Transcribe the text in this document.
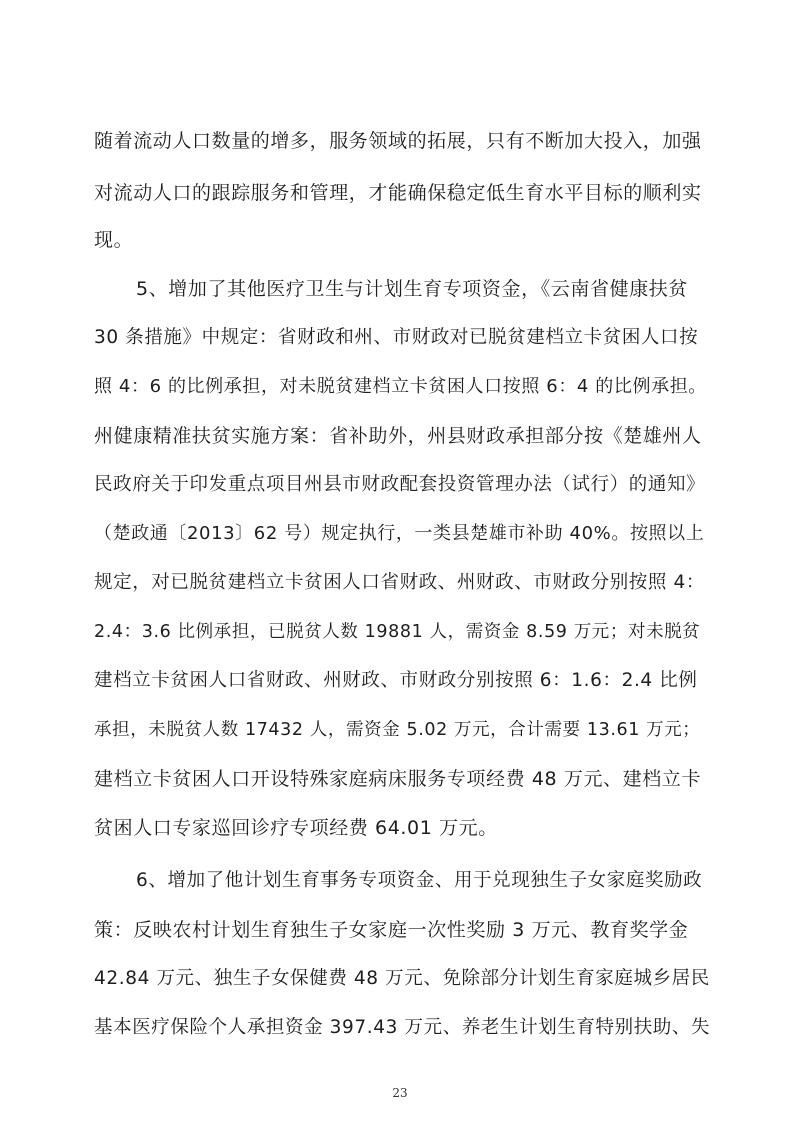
随着流动人口数量的增多，服务领域的拓展，只有不断加大投入，加强

对流动人口的跟踪服务和管理，才能确保稳定低生育水平目标的顺利实

现。

5、增加了其他医疗卫生与计划生育专项资金，《云南省健康扶贫

30 条措施》中规定：省财政和州、市财政对已脱贫建档立卡贫困人口按

照 4：6 的比例承担，对未脱贫建档立卡贫困人口按照 6：4 的比例承担。

州健康精准扶贫实施方案：省补助外，州县财政承担部分按《楚雄州人

民政府关于印发重点项目州县市财政配套投资管理办法（试行）的通知》

（楚政通〔2013〕62 号）规定执行，一类县楚雄市补助 40%。按照以上

规定，对已脱贫建档立卡贫困人口省财政、州财政、市财政分别按照 4：

2.4：3.6 比例承担，已脱贫人数 19881 人，需资金 8.59 万元；对未脱贫

建档立卡贫困人口省财政、州财政、市财政分别按照 6：1.6：2.4 比例

承担，未脱贫人数 17432 人，需资金 5.02 万元，合计需要 13.61 万元；

建档立卡贫困人口开设特殊家庭病床服务专项经费 48 万元、建档立卡

贫困人口专家巡回诊疗专项经费 64.01 万元。

6、增加了他计划生育事务专项资金、用于兑现独生子女家庭奖励政

策：反映农村计划生育独生子女家庭一次性奖励 3 万元、教育奖学金

42.84 万元、独生子女保健费 48 万元、免除部分计划生育家庭城乡居民

基本医疗保险个人承担资金 397.43 万元、养老生计划生育特别扶助、失

23
